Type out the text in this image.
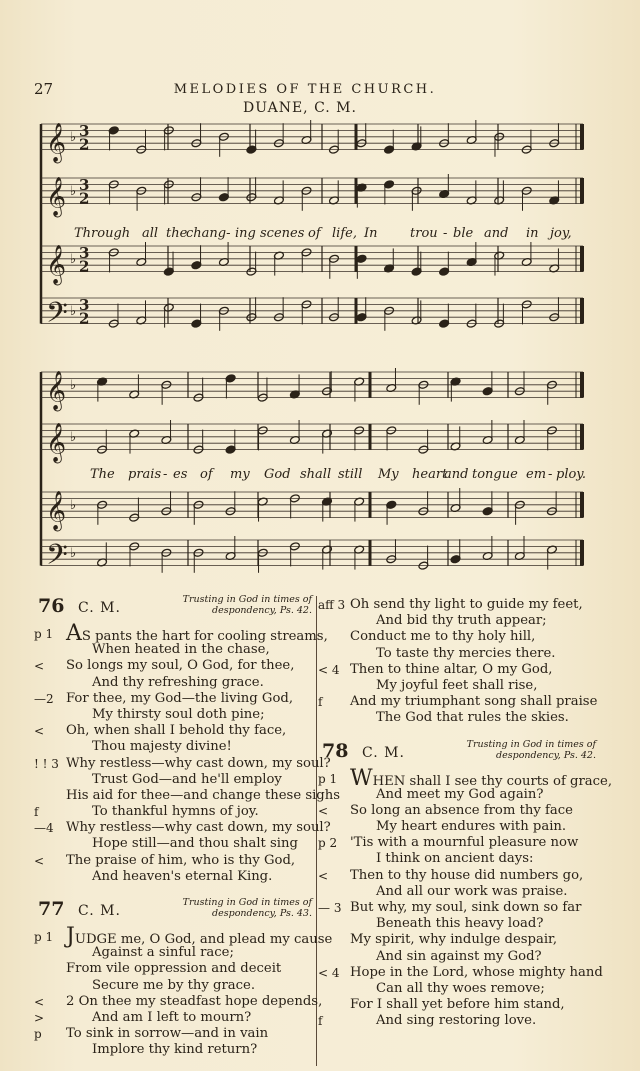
27	MELODIES OF THE CHURCH.
DUANE, C. M.
𝄞 ♭ 3
2
𝄞 ♭ 3
2
𝄞 ♭ 3
2
𝄢 ♭ 3
2
Through all the
chang- ing scenes of life, In trou - ble and in joy,
𝄞 ♭
𝄞 ♭
𝄞 ♭
𝄢 ♭
The prais - es of my God shall still My heart
and tongue em - ploy.
76 C. M.
Trusting in God in times of despondency, Ps. 42.
p 1 AS pants the hart for cooling streams,
When heated in the chase,
< So longs my soul, O God, for thee,
And thy refreshing grace.
—2 For thee, my God—the living God,
My thirsty soul doth pine;
< Oh, when shall I behold thy face,
Thou majesty divine!
! ! 3 Why restless—why cast down, my soul?
Trust God—and he'll employ
His aid for thee—and change these sighs
f	To thankful hymns of joy.
—4 Why restless—why cast down, my soul?
Hope still—and thou shalt sing
< The praise of him, who is thy God,
And heaven's eternal King.
77 C. M.
Trusting in God in times of despondency, Ps. 43.
p 1 JUDGE me, O God, and plead my cause
Against a sinful race;
From vile oppression and deceit
Secure me by thy grace.
< 2 On thee my steadfast hope depends,
>	And am I left to mourn?
p To sink in sorrow—and in vain
Implore thy kind return?
aff 3 Oh send thy light to guide my feet,
And bid thy truth appear;
Conduct me to thy holy hill,
To taste thy mercies there.
< 4 Then to thine altar, O my God,
My joyful feet shall rise,
f And my triumphant song shall praise
The God that rules the skies.
78 C. M.
Trusting in God in times of despondency, Ps. 42.
p 1 WHEN shall I see thy courts of grace,
And meet my God again?
< So long an absence from thy face
My heart endures with pain.
p 2 'Tis with a mournful pleasure now
I think on ancient days:
< Then to thy house did numbers go,
And all our work was praise.
— 3 But why, my soul, sink down so far
Beneath this heavy load?
My spirit, why indulge despair,
And sin against my God?
< 4 Hope in the Lord, whose mighty hand
Can all thy woes remove;
For I shall yet before him stand,
f	And sing restoring love.
